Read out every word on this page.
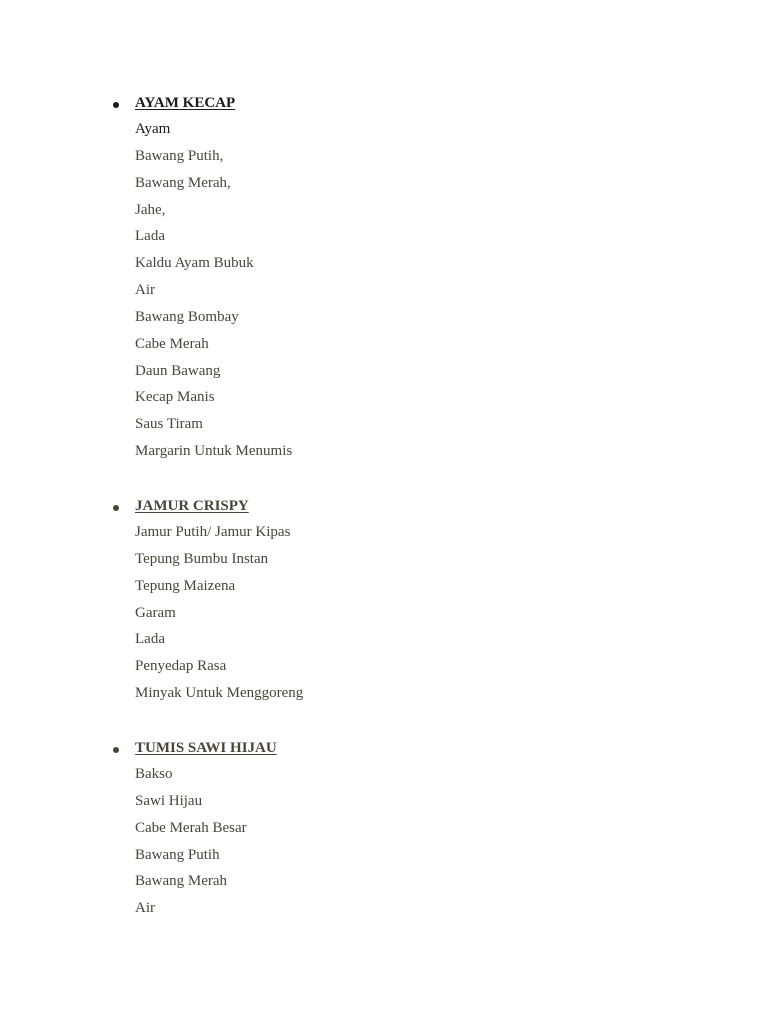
AYAM KECAP
Ayam
Bawang Putih,
Bawang Merah,
Jahe,
Lada
Kaldu Ayam Bubuk
Air
Bawang Bombay
Cabe Merah
Daun Bawang
Kecap Manis
Saus Tiram
Margarin Untuk Menumis
JAMUR CRISPY
Jamur Putih/ Jamur Kipas
Tepung Bumbu Instan
Tepung Maizena
Garam
Lada
Penyedap Rasa
Minyak Untuk Menggoreng
TUMIS SAWI HIJAU
Bakso
Sawi Hijau
Cabe Merah Besar
Bawang Putih
Bawang Merah
Air
